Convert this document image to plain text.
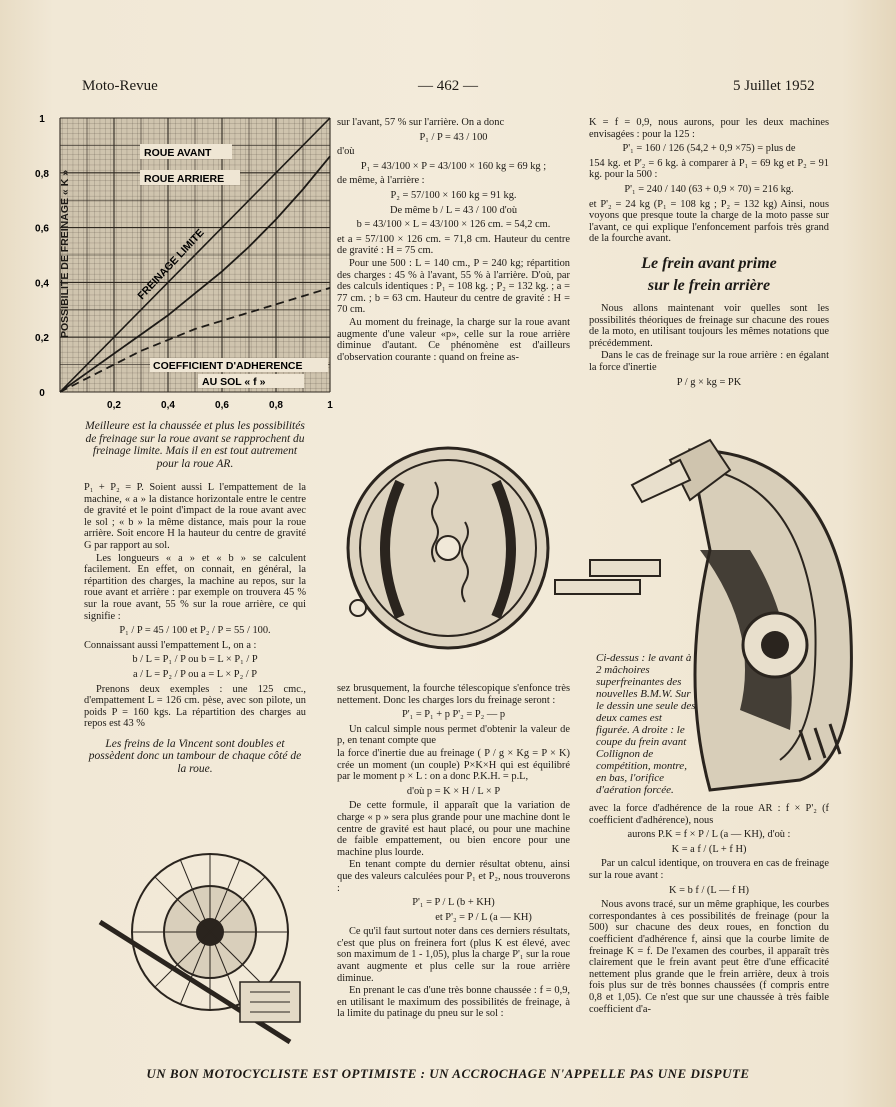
Moto-Revue	— 462 —	5 Juillet 1952
0,2	0,4	0,6	0,8	1
0
0,2
0,4
0,6
0,8
1
POSSIBILITE DE FREINAGE « K »
ROUE AVANT
ROUE ARRIERE
FREINAGE LIMITE
COEFFICIENT D'ADHERENCE
AU SOL « f »
Meilleure est la chaussée et plus les possibilités de freinage sur la roue avant se rapprochent du freinage limite. Mais il en est tout autrement pour la roue AR.

P₁ + P₂ = P. Soient aussi L l'empattement de la machine, « a » la distance horizontale entre le centre de gravité et le point d'impact de la roue avant avec le sol ; « b » la même distance, mais pour la roue arrière. Soit encore H la hauteur du centre de gravité G par rapport au sol.

Les longueurs « a » et « b » se calculent facilement. En effet, on connait, en général, la répartition des charges, la machine au repos, sur la roue avant et arrière : par exemple on trouvera 45 % sur la roue avant, 55 % sur la roue arrière, ce qui signifie :

P₁ / P = 45 / 100 et P₂ / P = 55 / 100.

Connaissant aussi l'empattement L, on a :

b / L = P₁ / P ou b = L × P₁ / P
a / L = P₂ / P ou a = L × P₂ / P

Prenons deux exemples : une 125 cmc., d'empattement L = 126 cm. pèse, avec son pilote, un poids P = 160 kgs. La répartition des charges au repos est 43 %

Les freins de la Vincent sont doubles et possèdent donc un tambour de chaque côté de la roue.

sur l'avant, 57 % sur l'arrière. On a donc

P₁ / P = 43 / 100

d'où

P₁ = 43/100 × P = 43/100 × 160 kg = 69 kg ;

de même, à l'arrière :

P₂ = 57/100 × 160 kg = 91 kg.
De même b / L = 43 / 100 d'où
b = 43/100 × L = 43/100 × 126 cm. = 54,2 cm.

et a = 57/100 × 126 cm. = 71,8 cm. Hauteur du centre de gravité : H = 75 cm.

Pour une 500 : L = 140 cm., P = 240 kg; répartition des charges : 45 % à l'avant, 55 % à l'arrière. D'où, par des calculs identiques : P₁ = 108 kg. ; P₂ = 132 kg. ; a = 77 cm. ; b = 63 cm. Hauteur du centre de gravité : H = 70 cm.

Au moment du freinage, la charge sur la roue avant augmente d'une valeur «p», celle sur la roue arrière diminue d'autant. Ce phénomène est d'ailleurs d'observation courante : quand on freine as-

sez brusquement, la fourche télescopique s'enfonce très nettement. Donc les charges lors du freinage seront :

P'₁ = P₁ + p P'₂ = P₂ — p

Un calcul simple nous permet d'obtenir la valeur de p, en tenant compte que

la force d'inertie due au freinage ( P / g × Kg = P × K) crée un moment (un couple) P×K×H qui est équilibré par le moment p × L : on a donc P.K.H. = p.L,

d'où p = K × H / L × P

De cette formule, il apparaît que la variation de charge « p » sera plus grande pour une machine dont le centre de gravité est haut placé, ou pour une machine de faible empattement, ou bien encore pour une machine plus lourde.

En tenant compte du dernier résultat obtenu, ainsi que des valeurs calculées pour P₁ et P₂, nous trouverons :

P'₁ = P / L (b + KH)
et P'₂ = P / L (a — KH)

Ce qu'il faut surtout noter dans ces derniers résultats, c'est que plus on freinera fort (plus K est élevé, avec son maximum de 1 - 1,05), plus la charge P'₁ sur la roue avant augmente et plus celle sur la roue arrière diminue.

En prenant le cas d'une très bonne chaussée : f = 0,9, en utilisant le maximum des possibilités de freinage, à la limite du patinage du pneu sur le sol :

K = f = 0,9, nous aurons, pour les deux machines envisagées : pour la 125 :

P'₁ = 160 / 126 (54,2 + 0,9 ×75) = plus de

154 kg. et P'₂ = 6 kg. à comparer à P₁ = 69 kg et P₂ = 91 kg. pour la 500 :

P'₁ = 240 / 140 (63 + 0,9 × 70) = 216 kg.

et P'₂ = 24 kg (P₁ = 108 kg ; P₂ = 132 kg) Ainsi, nous voyons que presque toute la charge de la moto passe sur l'avant, ce qui explique l'enfoncement parfois très grand de la fourche avant.

Le frein avant prime
sur le frein arrière

Nous allons maintenant voir quelles sont les possibilités théoriques de freinage sur chacune des roues de la moto, en utilisant toujours les mêmes notations que précédemment.

Dans le cas de freinage sur la roue arrière : en égalant la force d'inertie

P / g × kg = PK
Ci-dessus : le avant à 2 mâchoires superfreinantes des nouvelles B.M.W. Sur le dessin une seule des deux cames est figurée. A droite : le coupe du frein avant Collignon de compétition, montre, en bas, l'orifice d'aération forcée.

avec la force d'adhérence de la roue AR : f × P'₂ (f coefficient d'adhérence), nous

aurons P.K = f × P / L (a — KH), d'où :
K = a f / (L + f H)

Par un calcul identique, on trouvera en cas de freinage sur la roue avant :

K = b f / (L — f H)

Nous avons tracé, sur un même graphique, les courbes correspondantes à ces possibilités de freinage (pour la 500) sur chacune des deux roues, en fonction du coefficient d'adhérence f, ainsi que la courbe limite de freinage K = f. De l'examen des courbes, il apparaît très clairement que le frein avant peut être d'une efficacité nettement plus grande que le frein arrière, deux à trois fois plus sur de très bonnes chaussées (f compris entre 0,8 et 1,05). Ce n'est que sur une chaussée à très faible coefficient d'a-

UN BON MOTOCYCLISTE EST OPTIMISTE : UN ACCROCHAGE N'APPELLE PAS UNE DISPUTE
